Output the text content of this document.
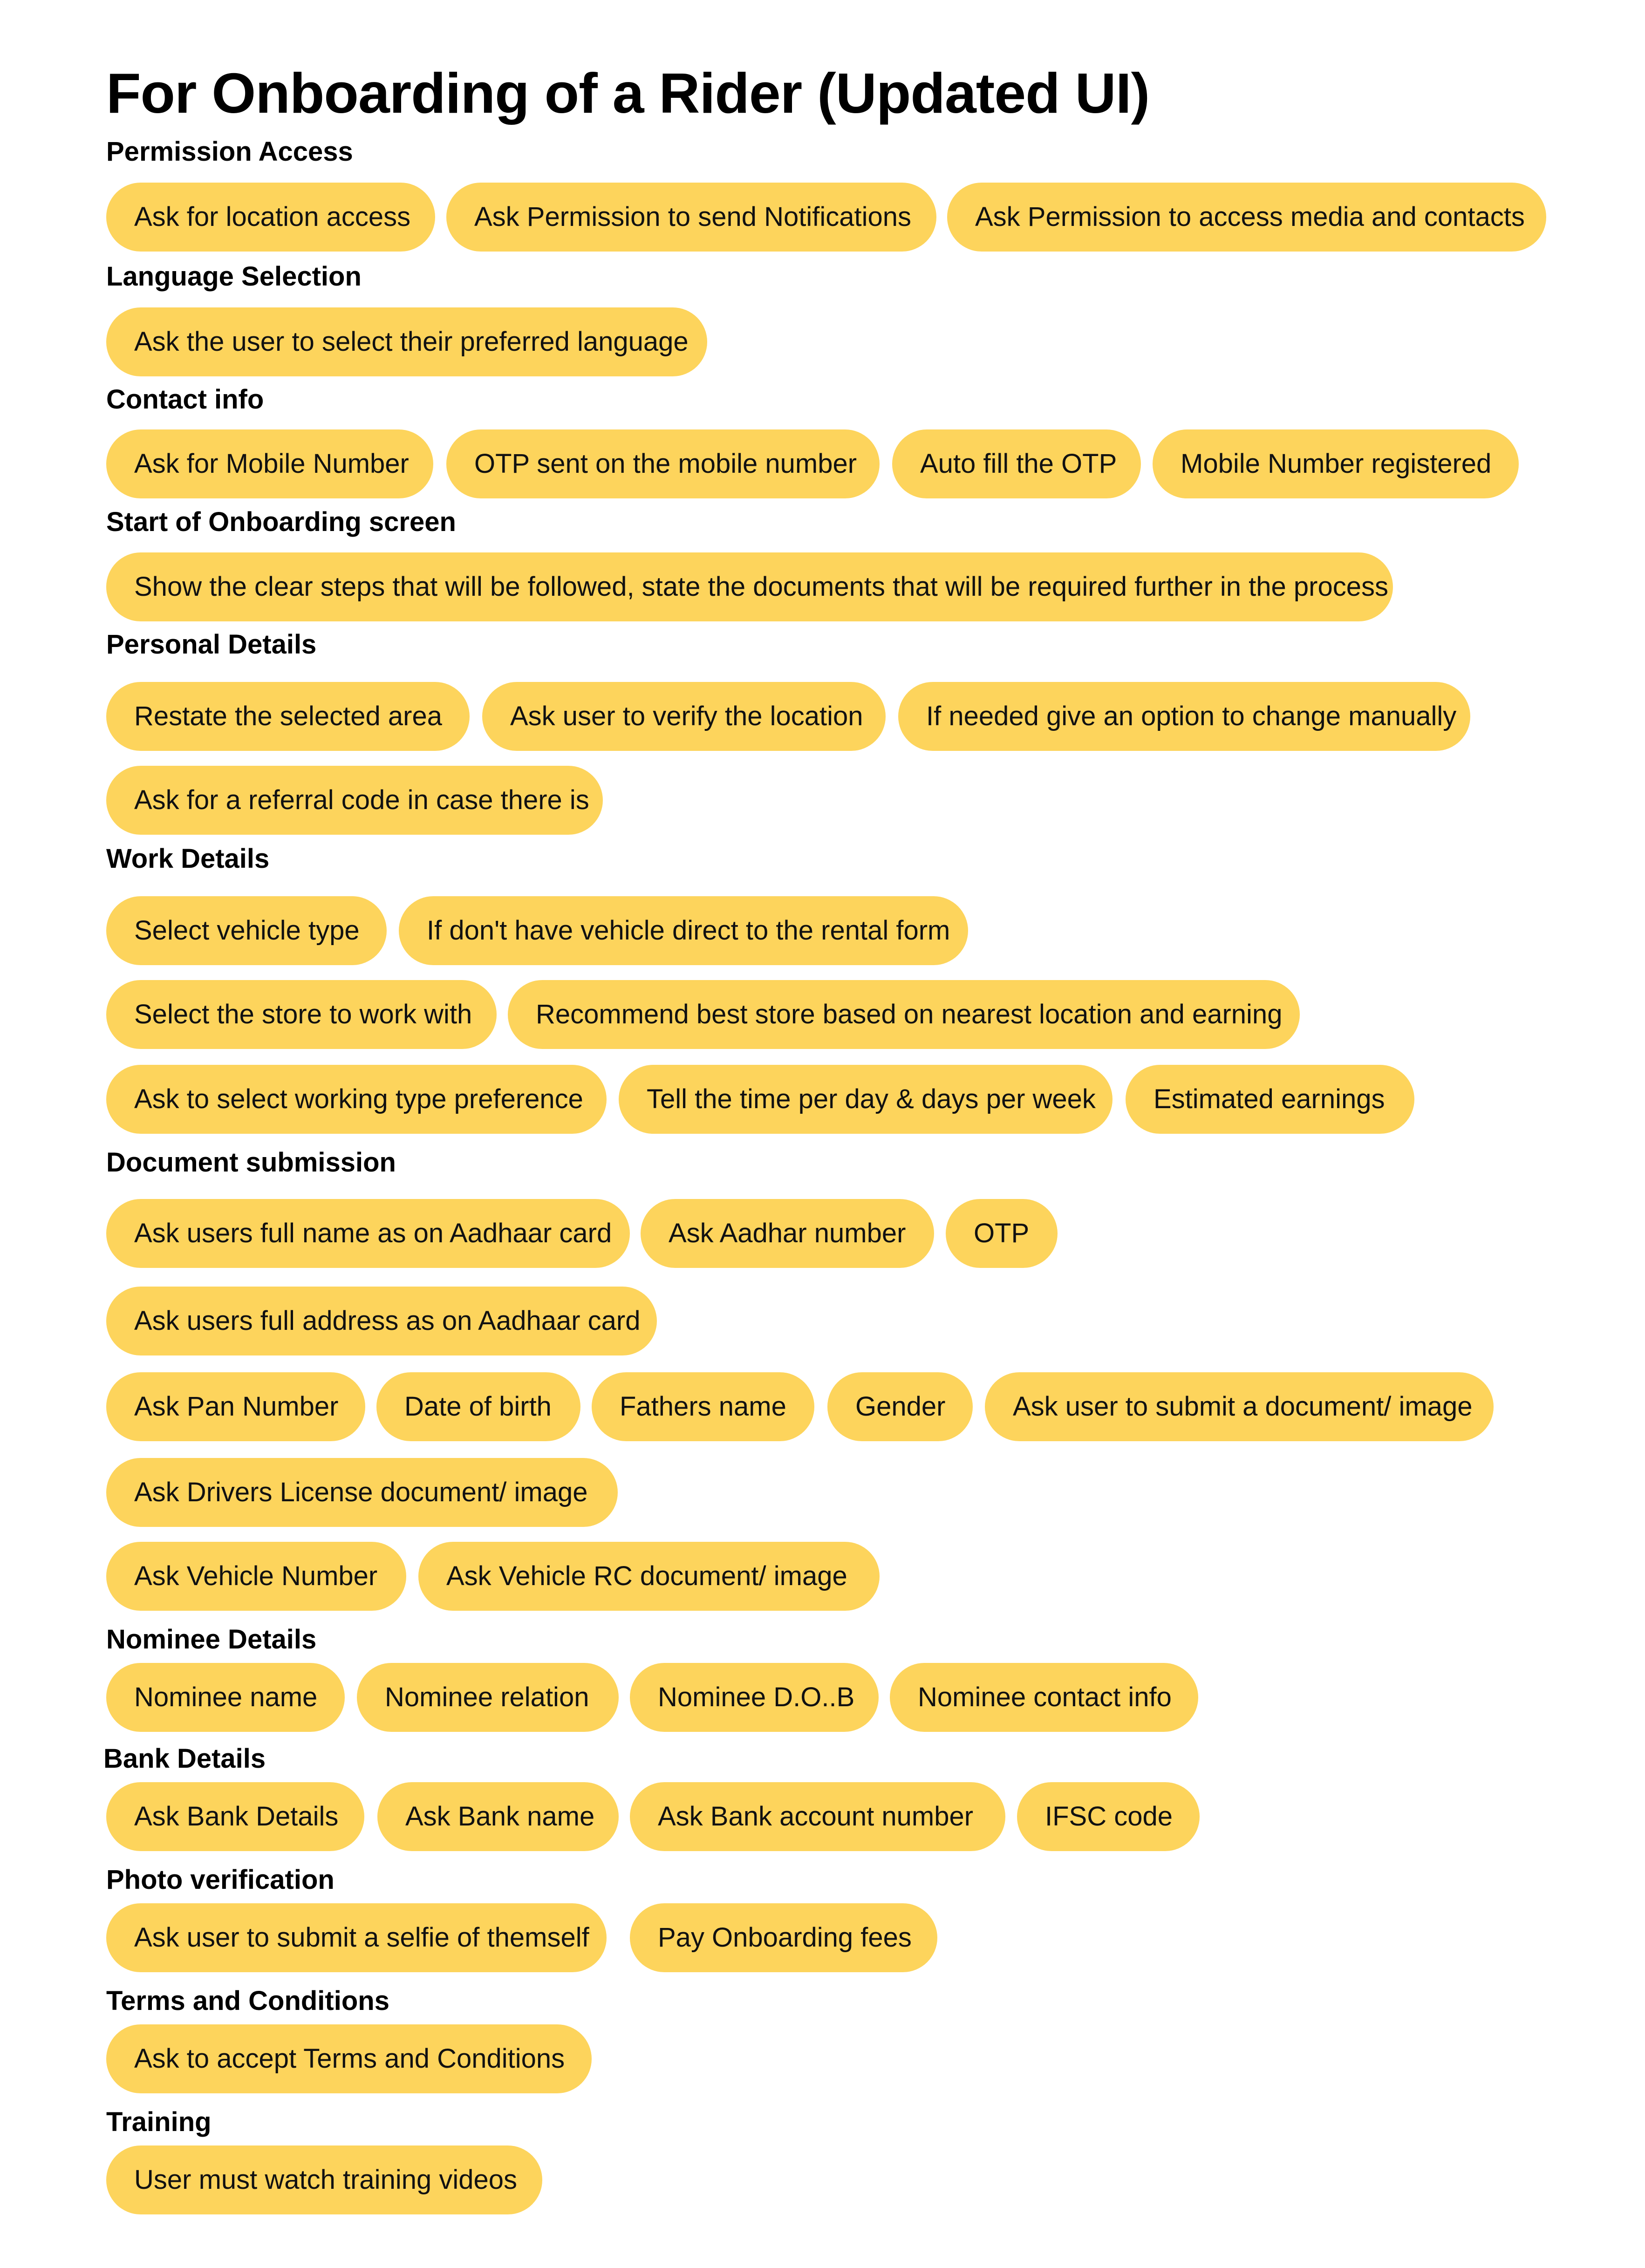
For Onboarding of a Rider (Updated UI)
Permission Access
Ask for location access	Ask Permission to send Notifications	Ask Permission to access media and contacts
Language Selection
Ask the user to select their preferred language
Contact info
Ask for Mobile Number	OTP sent on the mobile number	Auto fill the OTP	Mobile Number registered
Start of Onboarding screen
Show the clear steps that will be followed, state the documents that will be required further in the process
Personal Details
Restate the selected area	Ask user to verify the location	If needed give an option to change manually
Ask for a referral code in case there is
Work Details
Select vehicle type	If don't have vehicle direct to the rental form
Select the store to work with	Recommend best store based on nearest location and earning
Ask to select working type preference	Tell the time per day & days per week	Estimated earnings
Document submission
Ask users full name as on Aadhaar card	Ask Aadhar number	OTP
Ask users full address as on Aadhaar card
Ask Pan Number	Date of birth	Fathers name	Gender	Ask user to submit a document/ image
Ask Drivers License document/ image
Ask Vehicle Number	Ask Vehicle RC document/ image
Nominee Details
Nominee name	Nominee relation	Nominee D.O..B	Nominee contact info
Bank Details
Ask Bank Details	Ask Bank name	Ask Bank account number	IFSC code
Photo verification
Ask user to submit a selfie of themself	Pay Onboarding fees
Terms and Conditions
Ask to accept Terms and Conditions
Training
User must watch training videos
